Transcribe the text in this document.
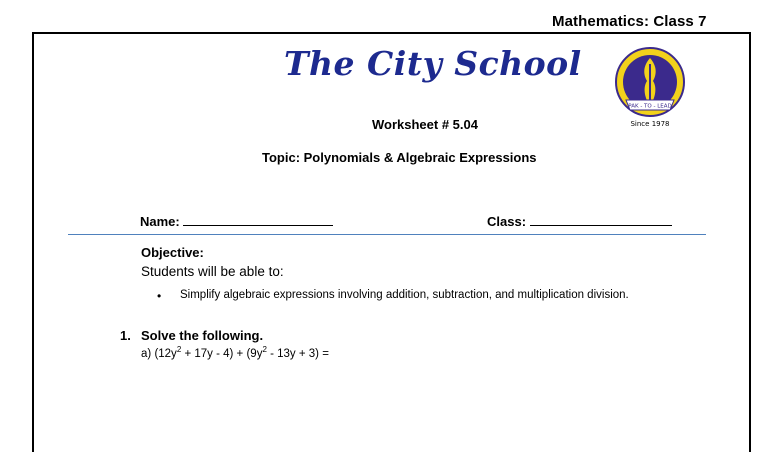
Mathematics: Class 7
The City School
PAK - TO - LEAD
Since 1978
Worksheet # 5.04
Topic: Polynomials & Algebraic Expressions
Name:	Class:
Objective:
Students will be able to:
• Simplify algebraic expressions involving addition, subtraction, and multiplication division.
1. Solve the following.
a) $(12y^2 + 17y - 4) + (9y^2 - 13y + 3)$ =
